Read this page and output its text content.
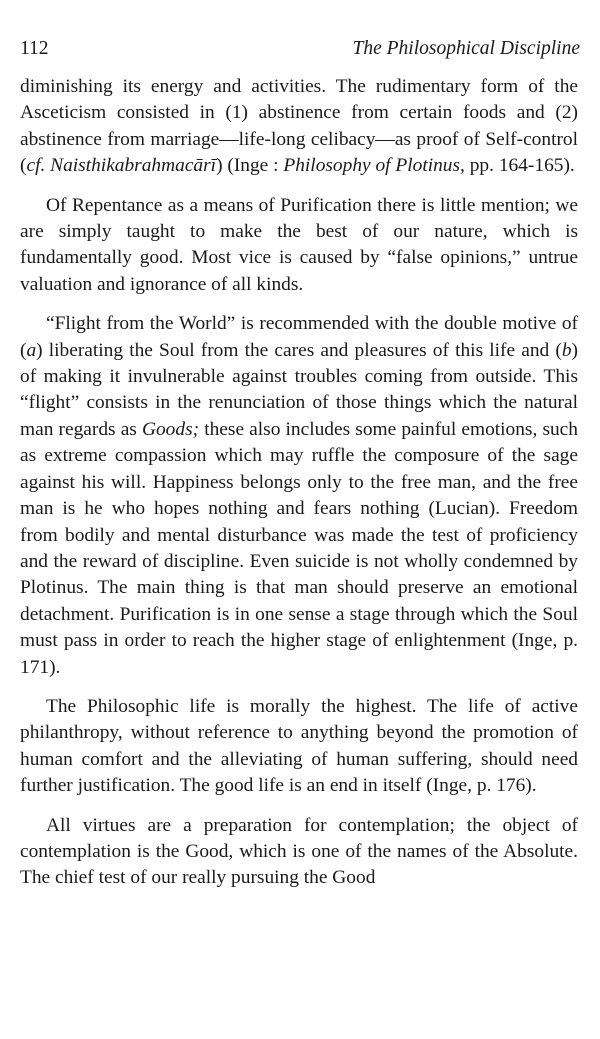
112	The Philosophical Discipline

diminishing its energy and activities. The rudimentary form of the Asceticism consisted in (1) abstinence from certain foods and (2) abstinence from marriage—life-long celibacy—as proof of Self-control (cf. Naisthikabrahmacārī) (Inge : Philosophy of Plotinus, pp. 164-165).

Of Repentance as a means of Purification there is little mention; we are simply taught to make the best of our nature, which is fundamentally good. Most vice is caused by “false opinions,” untrue valuation and ignorance of all kinds.

“Flight from the World” is recommended with the double motive of (a) liberating the Soul from the cares and pleasures of this life and (b) of making it invulnerable against troubles coming from outside. This “flight” consists in the renunciation of those things which the natural man regards as Goods; these also includes some painful emotions, such as extreme compassion which may ruffle the composure of the sage against his will. Happiness belongs only to the free man, and the free man is he who hopes nothing and fears nothing (Lucian). Freedom from bodily and mental disturbance was made the test of proficiency and the reward of discipline. Even suicide is not wholly condemned by Plotinus. The main thing is that man should preserve an emotional detachment. Purification is in one sense a stage through which the Soul must pass in order to reach the higher stage of enlightenment (Inge, p. 171).

The Philosophic life is morally the highest. The life of active philanthropy, without reference to anything beyond the promotion of human comfort and the alleviating of human suffering, should need further justification. The good life is an end in itself (Inge, p. 176).

All virtues are a preparation for contemplation; the object of contemplation is the Good, which is one of the names of the Absolute. The chief test of our really pursuing the Good
